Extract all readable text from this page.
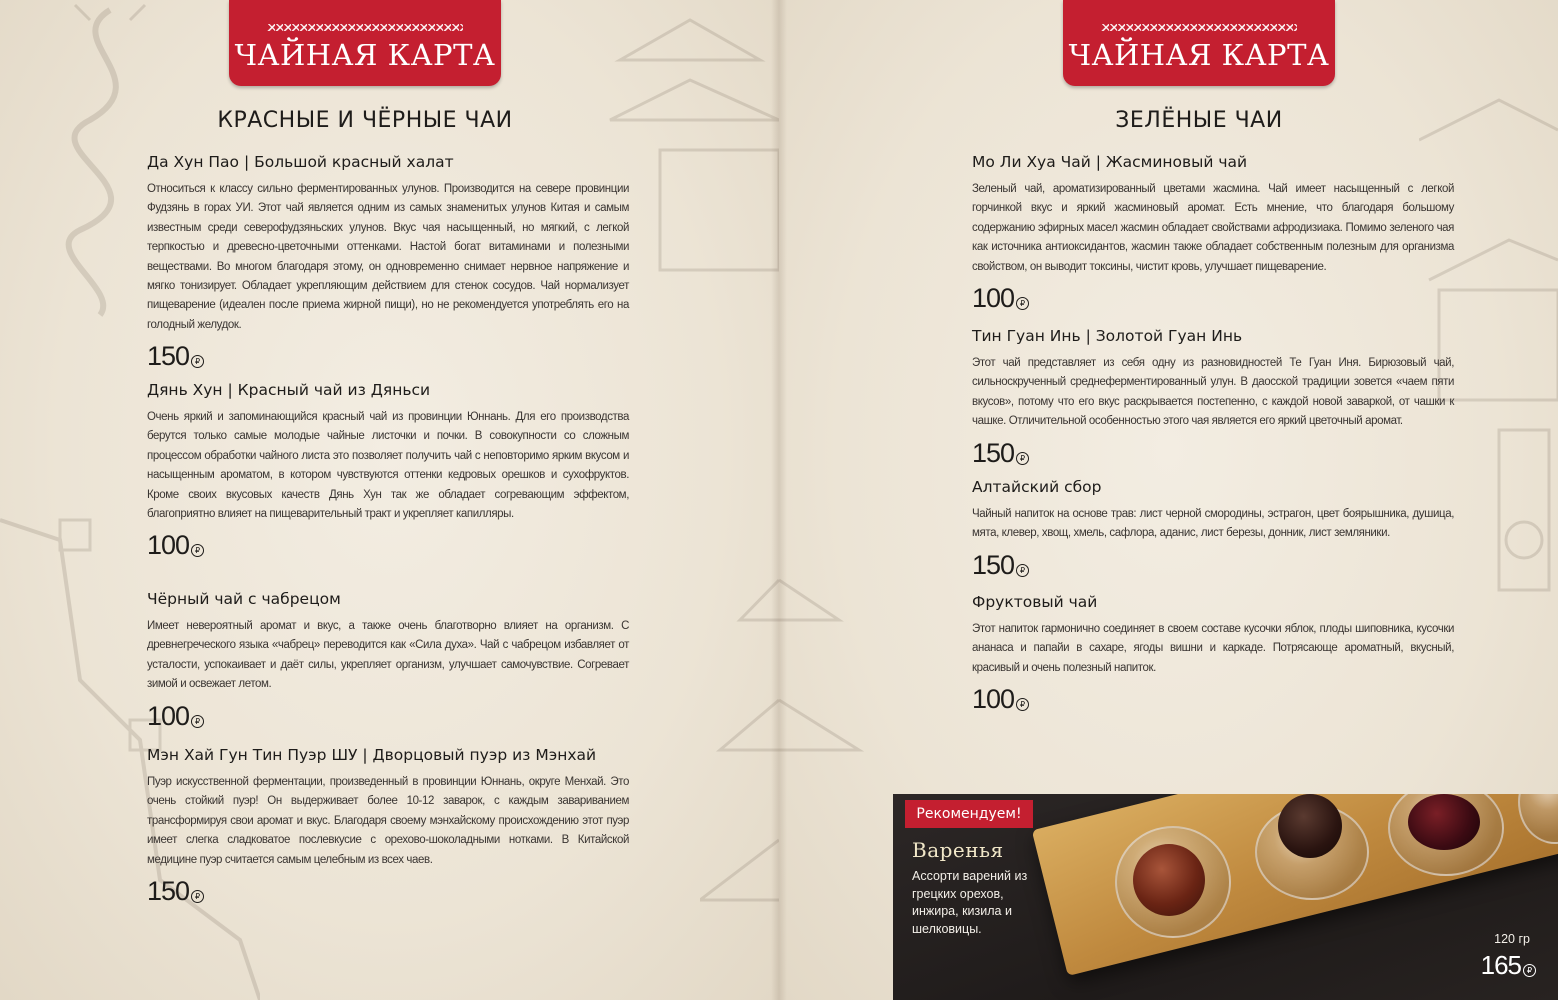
ЧАЙНАЯ КАРТА
КРАСНЫЕ И ЧЁРНЫЕ ЧАИ
Да Хун Пао | Большой красный халат
Относиться к классу сильно ферментированных улунов. Производится на севере провинции Фудзянь в горах УИ. Этот чай является одним из самых знаменитых улунов Китая и самым известным среди северофудзяньских улунов. Вкус чая насыщенный, но мягкий, с легкой терпкостью и древесно-цветочными оттенками. Настой богат витаминами и полезными веществами. Во многом благодаря этому, он одновременно снимает нервное напряжение и мягко тонизирует. Обладает укрепляющим действием для стенок сосудов. Чай нормализует пищеварение (идеален после приема жирной пищи), но не рекомендуется употреблять его на голодный желудок.
150 ₽
Дянь Хун | Красный чай из Дяньси
Очень яркий и запоминающийся красный чай из провинции Юннань. Для его производства берутся только самые молодые чайные листочки и почки. В совокупности со сложным процессом обработки чайного листа это позволяет получить чай с неповторимо ярким вкусом и насыщенным ароматом, в котором чувствуются оттенки кедровых орешков и сухофруктов. Кроме своих вкусовых качеств Дянь Хун так же обладает согревающим эффектом, благоприятно влияет на пищеварительный тракт и укрепляет капилляры.
100 ₽
Чёрный чай с чабрецом
Имеет невероятный аромат и вкус, а также очень благотворно влияет на организм. С древнегреческого языка «чабрец» переводится как «Сила духа». Чай с чабрецом избавляет от усталости, успокаивает и даёт силы, укрепляет организм, улучшает самочувствие. Согревает зимой и освежает летом.
100 ₽
Мэн Хай Гун Тин Пуэр ШУ | Дворцовый пуэр из Мэнхай
Пуэр искусственной ферментации, произведенный в провинции Юннань, округе Менхай. Это очень стойкий пуэр! Он выдерживает более 10-12 заварок, с каждым завариванием трансформируя свои аромат и вкус. Благодаря своему мэнхайскому происхождению этот пуэр имеет слегка сладковатое послевкусие с орехово-шоколадными нотками. В Китайской медицине пуэр считается самым целебным из всех чаев.
150 ₽
ЧАЙНАЯ КАРТА
ЗЕЛЁНЫЕ ЧАИ
Мо Ли Хуа Чай | Жасминовый чай
Зеленый чай, ароматизированный цветами жасмина. Чай имеет насыщенный с легкой горчинкой вкус и яркий жасминовый аромат. Есть мнение, что благодаря большому содержанию эфирных масел жасмин обладает свойствами афродизиака. Помимо зеленого чая как источника антиоксидантов, жасмин также обладает собственным полезным для организма свойством, он выводит токсины, чистит кровь, улучшает пищеварение.
100 ₽
Тин Гуан Инь | Золотой Гуан Инь
Этот чай представляет из себя одну из разновидностей Те Гуан Иня. Бирюзовый чай, сильноскрученный среднеферментированный улун. В даосской традиции зовется «чаем пяти вкусов», потому что его вкус раскрывается постепенно, с каждой новой заваркой, от чашки к чашке. Отличительной особенностью этого чая является его яркий цветочный аромат.
150 ₽
Алтайский сбор
Чайный напиток на основе трав: лист черной смородины, эстрагон, цвет боярышника, душица, мята, клевер, хвощ, хмель, сафлора, аданис, лист березы, донник, лист земляники.
150 ₽
Фруктовый чай
Этот напиток гармонично соединяет в своем составе кусочки яблок, плоды шиповника, кусочки ананаса и папайи в сахаре, ягоды вишни и каркаде. Потрясающе ароматный, вкусный, красивый и очень полезный напиток.
100 ₽
Рекомендуем!
Варенья
Ассорти варений из грецких орехов, инжира, кизила и шелковицы.
120 гр
165 ₽
